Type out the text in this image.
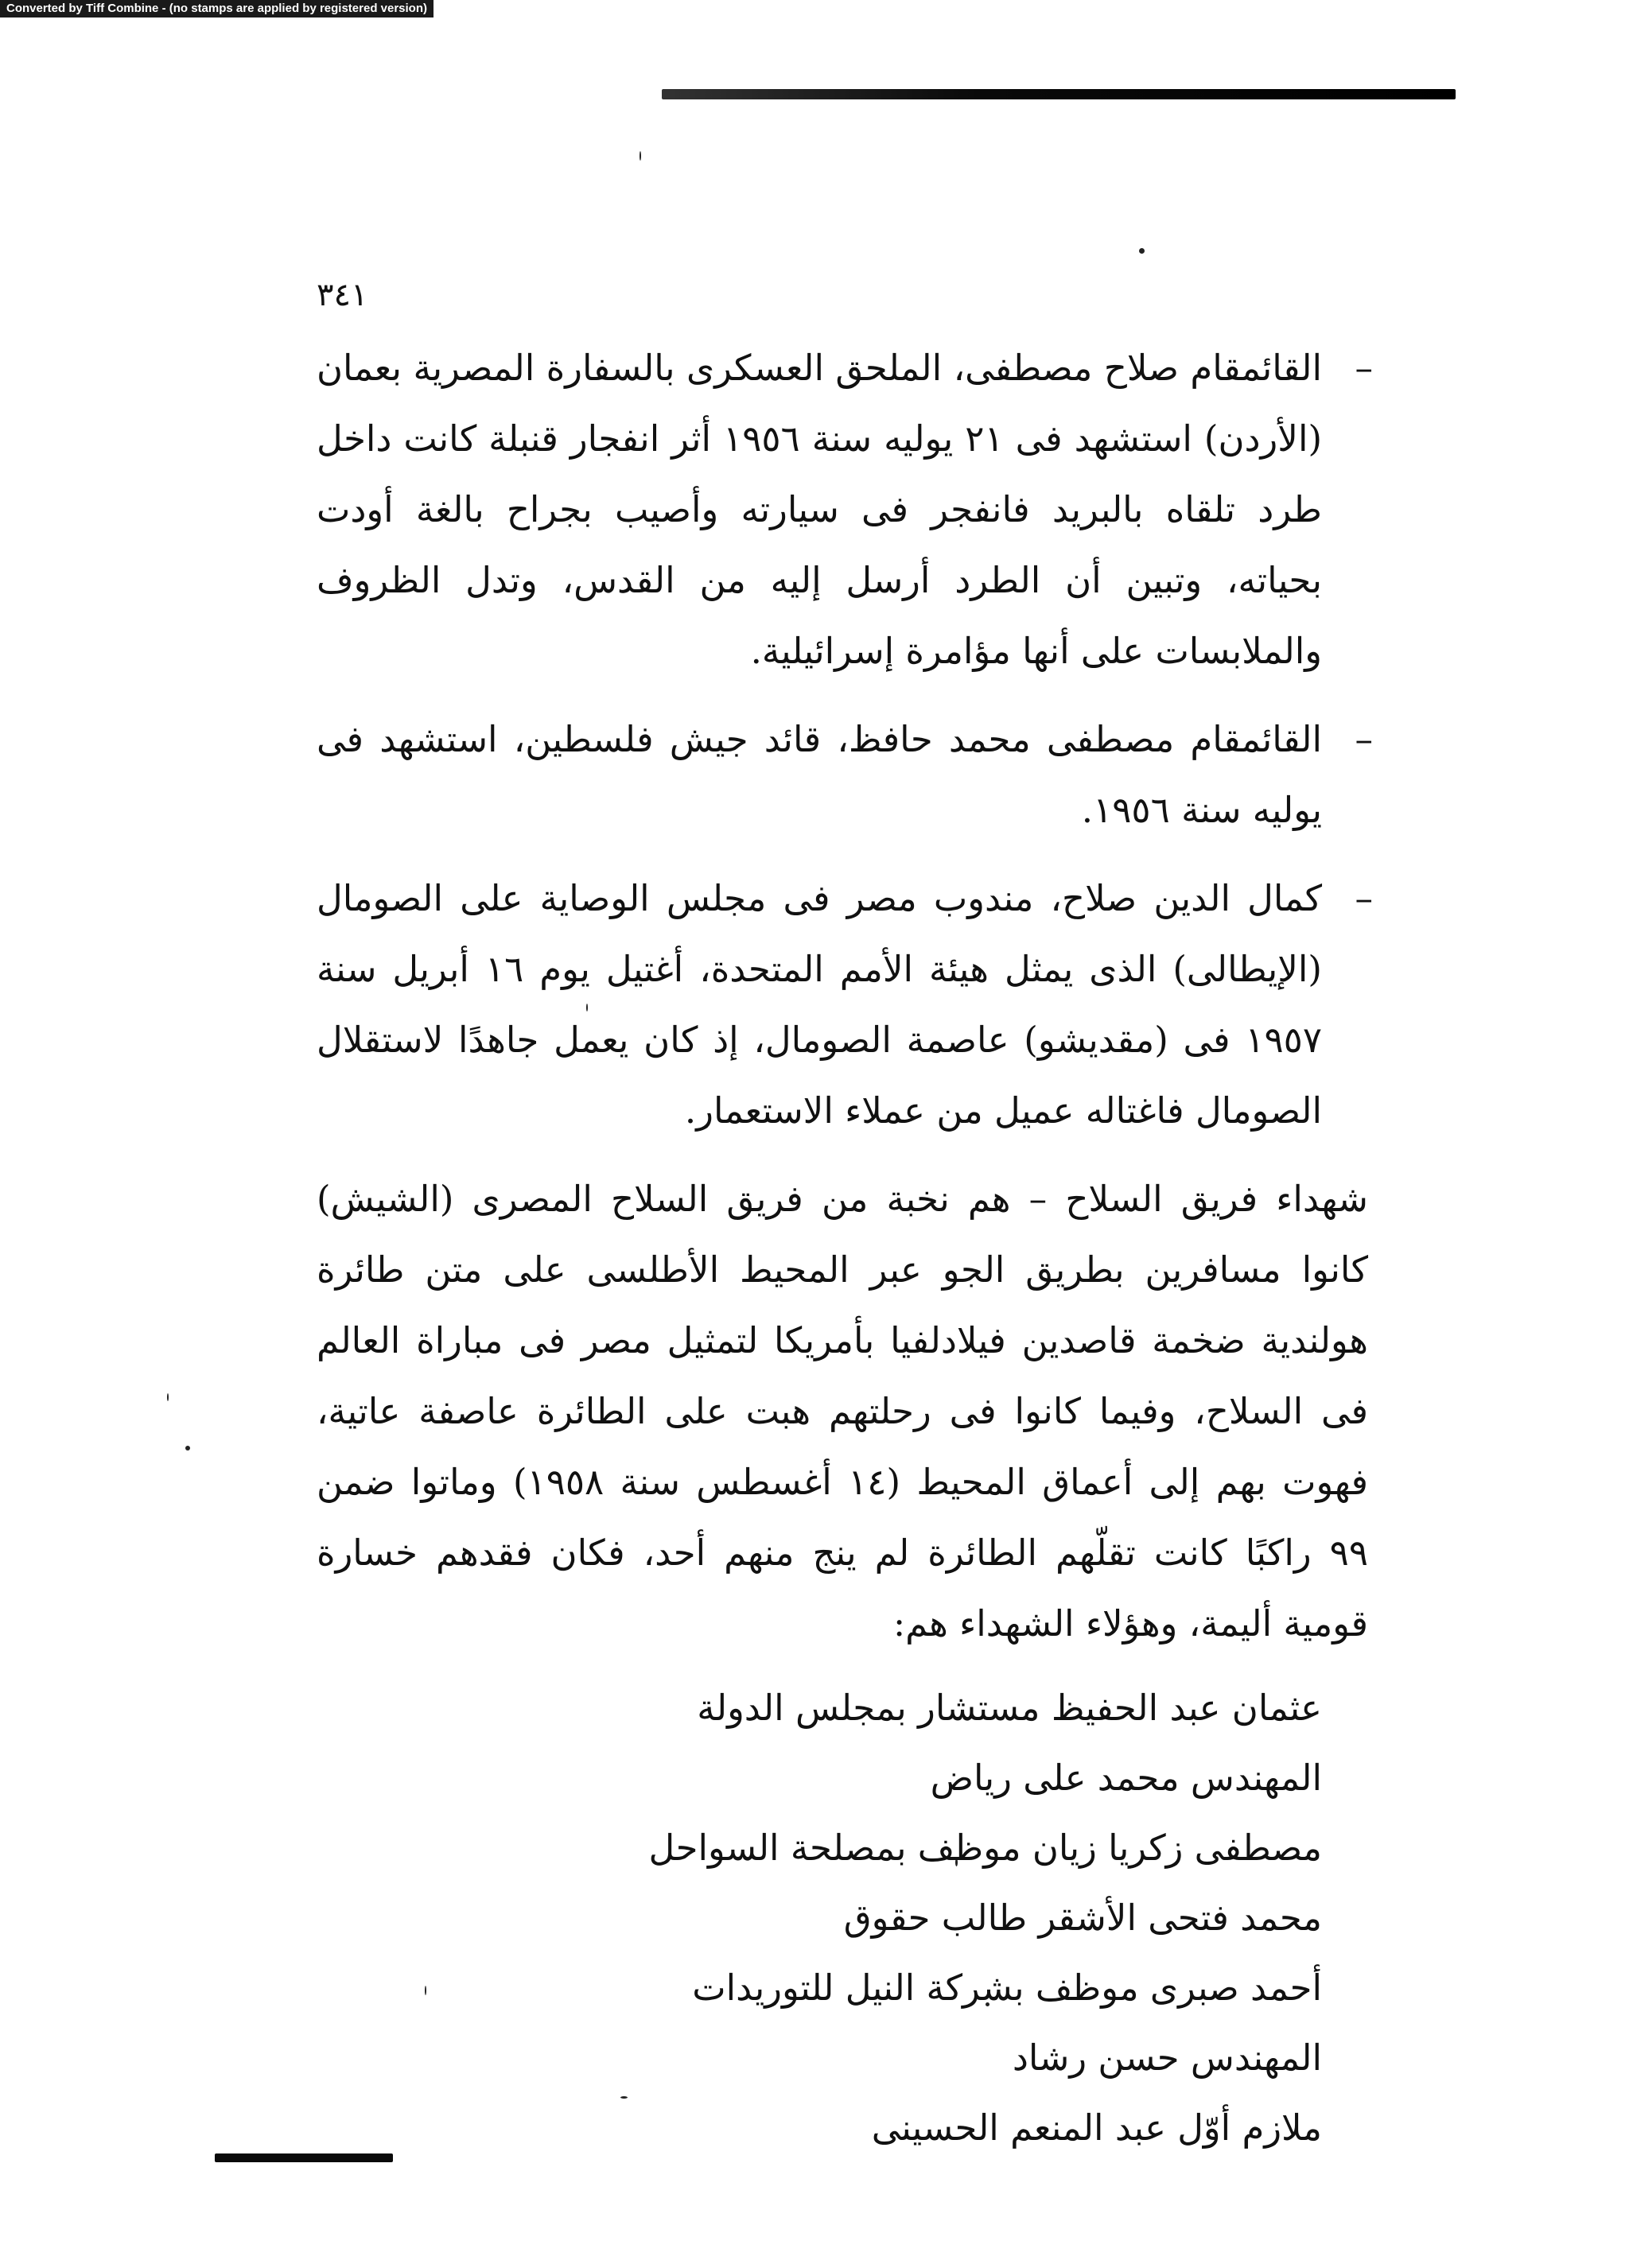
Converted by Tiff Combine - (no stamps are applied by registered version)
٣٤١
–
القائمقام صلاح مصطفى، الملحق العسكرى بالسفارة المصرية بعمان (الأردن) استشهد فى ٢١ يوليه سنة ١٩٥٦ أثر انفجار قنبلة كانت داخل طرد تلقاه بالبريد فانفجر فى سيارته وأصيب بجراح بالغة أودت بحياته، وتبين أن الطرد أرسل إليه من القدس، وتدل الظروف والملابسات على أنها مؤامرة إسرائيلية.
–
القائمقام مصطفى محمد حافظ، قائد جيش فلسطين، استشهد فى يوليه سنة ١٩٥٦.
–
كمال الدين صلاح، مندوب مصر فى مجلس الوصاية على الصومال (الإيطالى) الذى يمثل هيئة الأمم المتحدة، أغتيل يوم ١٦ أبريل سنة ١٩٥٧ فى (مقديشو) عاصمة الصومال، إذ كان يعمل جاهدًا لاستقلال الصومال فاغتاله عميل من عملاء الاستعمار.

شهداء فريق السلاح – هم نخبة من فريق السلاح المصرى (الشيش) كانوا مسافرين بطريق الجو عبر المحيط الأطلسى على متن طائرة هولندية ضخمة قاصدين فيلادلفيا بأمريكا لتمثيل مصر فى مباراة العالم فى السلاح، وفيما كانوا فى رحلتهم هبت على الطائرة عاصفة عاتية، فهوت بهم إلى أعماق المحيط (١٤ أغسطس سنة ١٩٥٨) وماتوا ضمن ٩٩ راكبًا كانت تقلّهم الطائرة لم ينج منهم أحد، فكان فقدهم خسارة قومية أليمة، وهؤلاء الشهداء هم:

عثمان عبد الحفيظ مستشار بمجلس الدولة
المهندس محمد على رياض
مصطفى زكريا زيان موظف بمصلحة السواحل
محمد فتحى الأشقر طالب حقوق
أحمد صبرى موظف بشركة النيل للتوريدات
المهندس حسن رشاد
ملازم أوّل عبد المنعم الحسينى
